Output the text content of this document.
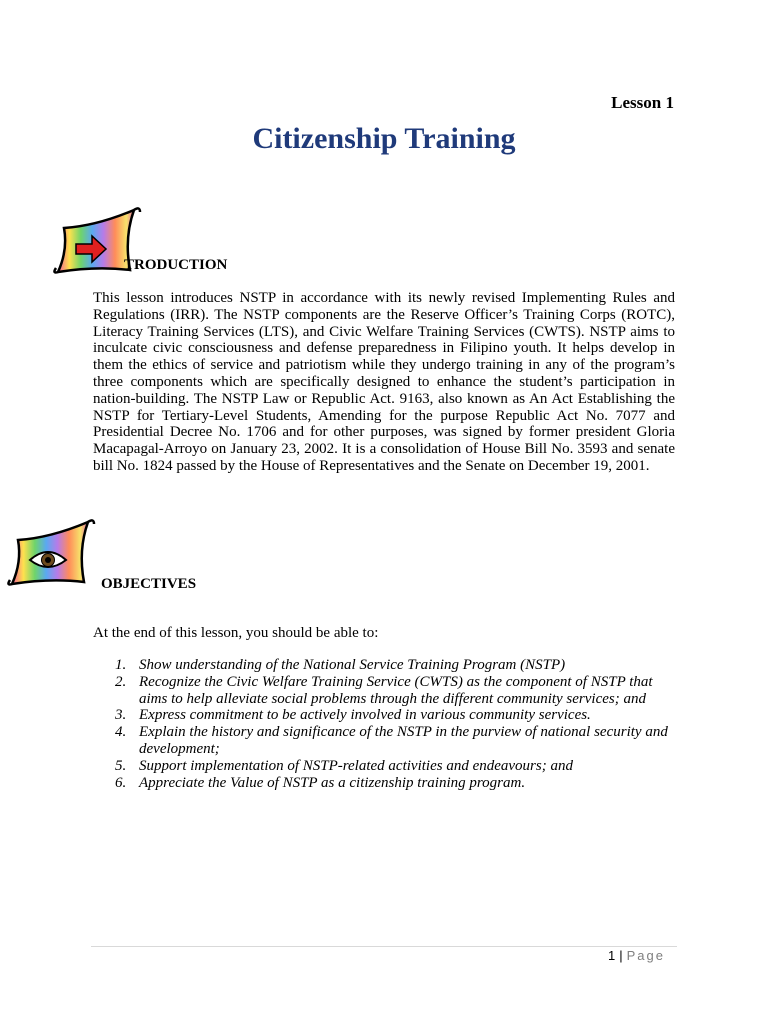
Lesson 1
Citizenship Training
TRODUCTION

This lesson introduces NSTP in accordance with its newly revised Implementing Rules and Regulations (IRR). The NSTP components are the Reserve Officer’s Training Corps (ROTC), Literacy Training Services (LTS), and Civic Welfare Training Services (CWTS). NSTP aims to inculcate civic consciousness and defense preparedness in Filipino youth. It helps develop in them the ethics of service and patriotism while they undergo training in any of the program’s three components which are specifically designed to enhance the student’s participation in nation-building. The NSTP Law or Republic Act. 9163, also known as An Act Establishing the NSTP for Tertiary-Level Students, Amending for the purpose Republic Act No. 7077 and Presidential Decree No. 1706 and for other purposes, was signed by former president Gloria Macapagal-Arroyo on January 23, 2002. It is a consolidation of House Bill No. 3593 and senate bill No. 1824 passed by the House of Representatives and the Senate on December 19, 2001.

OBJECTIVES

At the end of this lesson, you should be able to:

1. Show understanding of the National Service Training Program (NSTP)
2. Recognize the Civic Welfare Training Service (CWTS) as the component of NSTP that aims to help alleviate social problems through the different community services; and
3. Express commitment to be actively involved in various community services.
4. Explain the history and significance of the NSTP in the purview of national security and development;
5. Support implementation of NSTP-related activities and endeavours; and
6. Appreciate the Value of NSTP as a citizenship training program.
1 | Page
